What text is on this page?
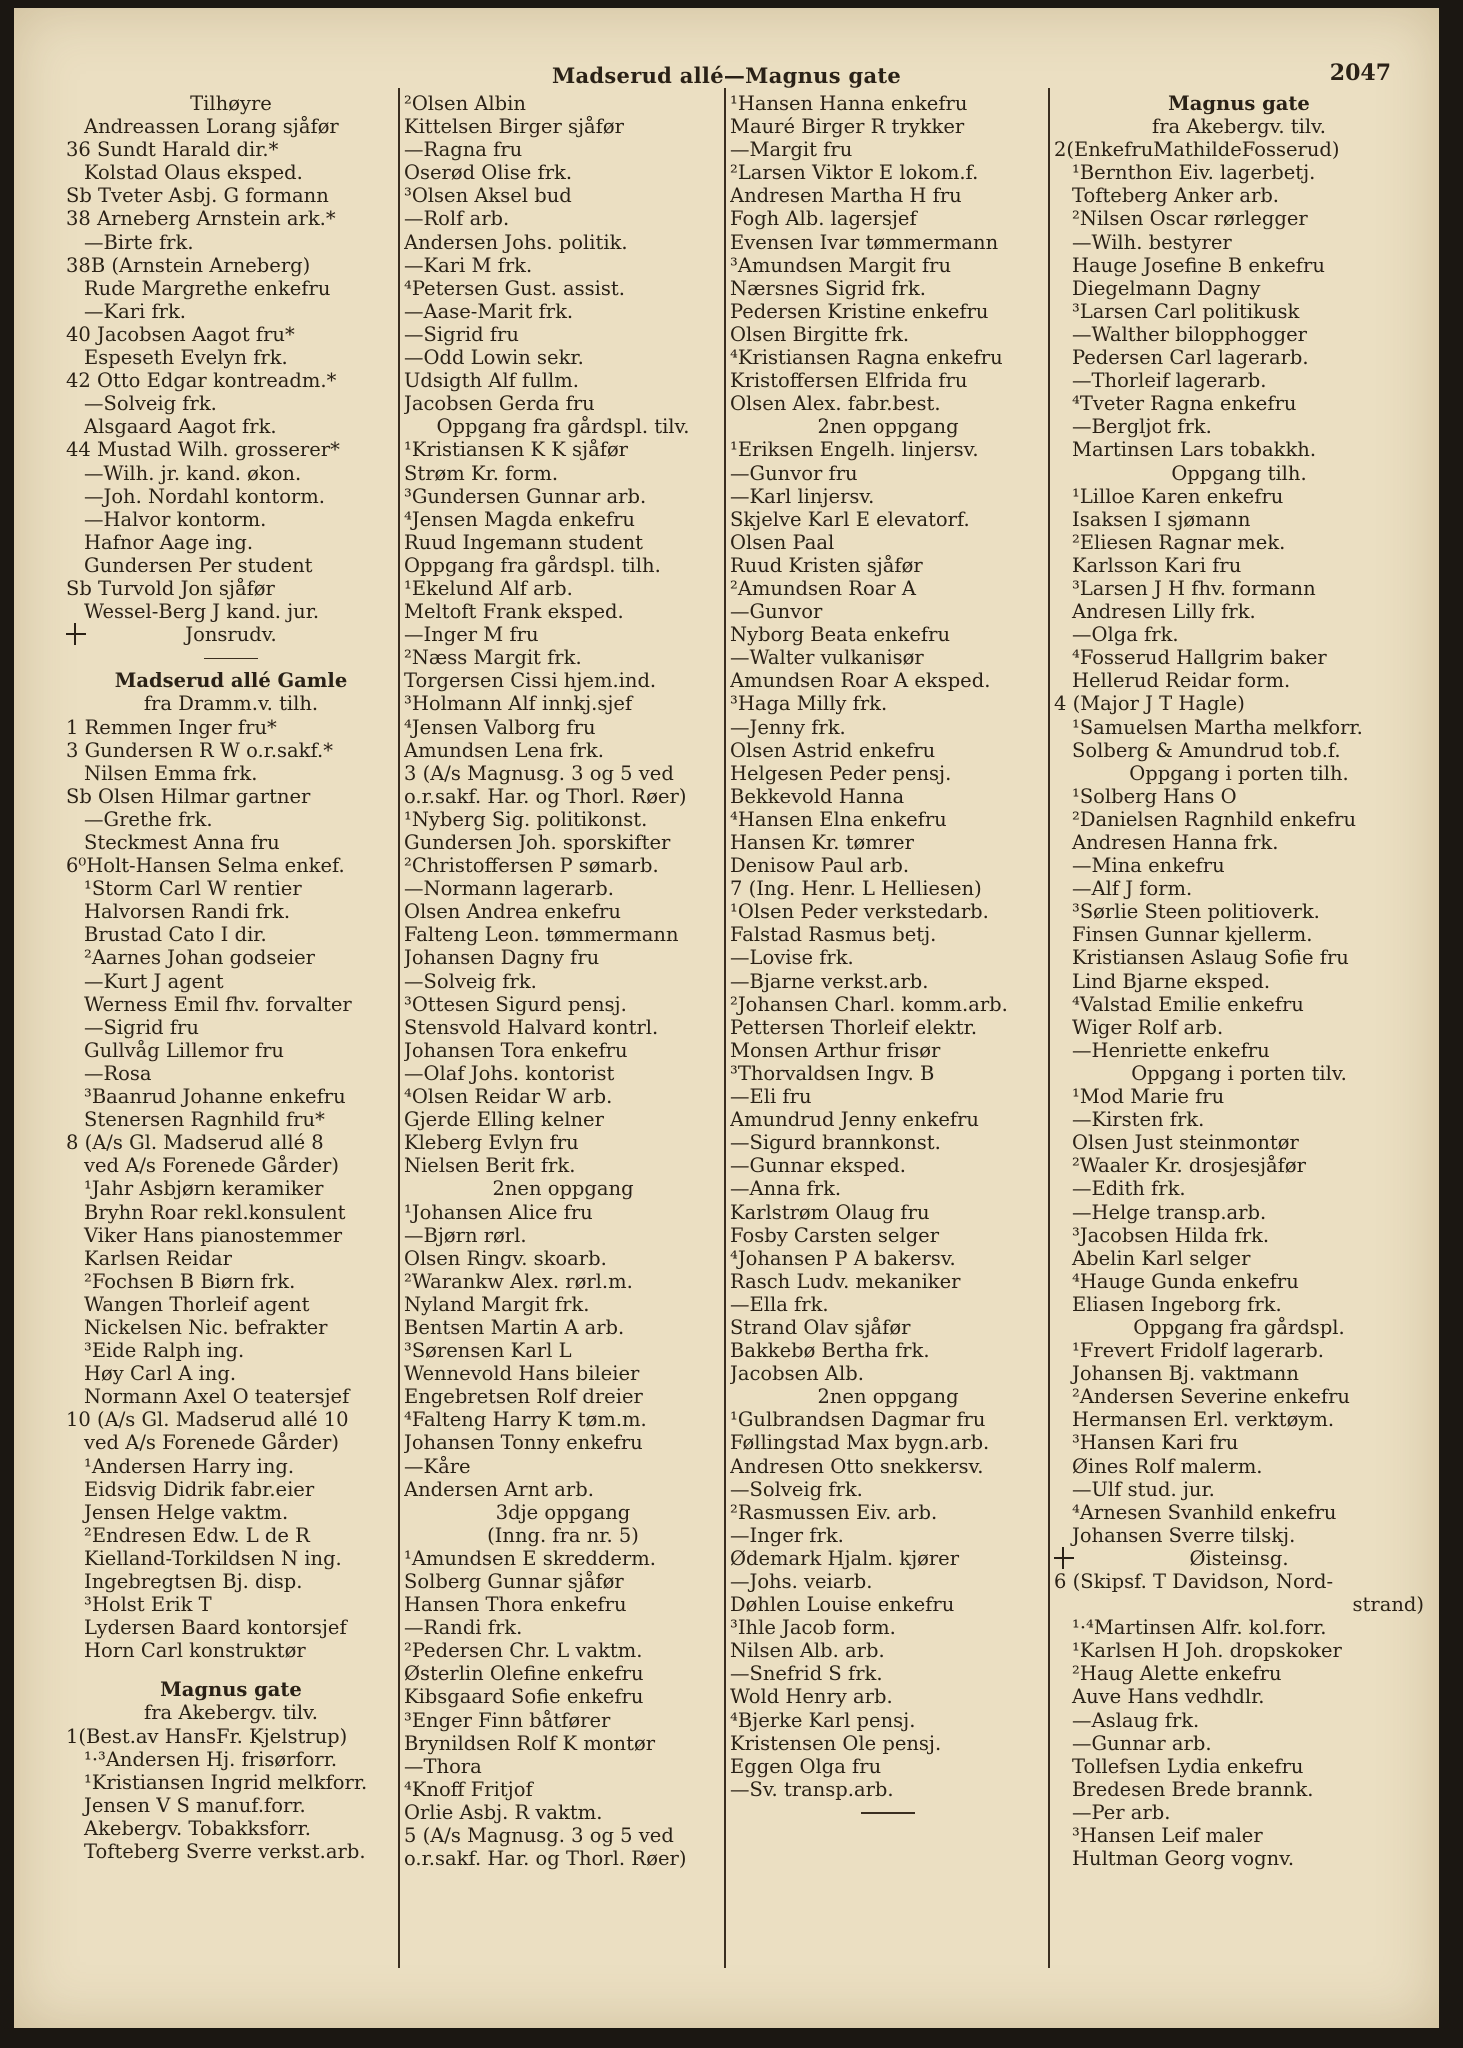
Madserud allé—Magnus gate	2047
Tilhøyre
Andreassen Lorang sjåfør
36 Sundt Harald dir.*
Kolstad Olaus eksped.
Sb Tveter Asbj. G formann
38 Arneberg Arnstein ark.*
—Birte frk.
38B (Arnstein Arneberg)
Rude Margrethe enkefru
—Kari frk.
40 Jacobsen Aagot fru*
Espeseth Evelyn frk.
42 Otto Edgar kontreadm.*
—Solveig frk.
Alsgaard Aagot frk.
44 Mustad Wilh. grosserer*
—Wilh. jr. kand. økon.
—Joh. Nordahl kontorm.
—Halvor kontorm.
Hafnor Aage ing.
Gundersen Per student
Sb Turvold Jon sjåfør
Wessel-Berg J kand. jur.
Jonsrudv.
Madserud allé Gamle
fra Dramm.v. tilh.
1 Remmen Inger fru*
3 Gundersen R W o.r.sakf.*
Nilsen Emma frk.
Sb Olsen Hilmar gartner
—Grethe frk.
Steckmest Anna fru
6⁰Holt-Hansen Selma enkef.
¹Storm Carl W rentier
Halvorsen Randi frk.
Brustad Cato I dir.
²Aarnes Johan godseier
—Kurt J agent
Werness Emil fhv. forvalter
—Sigrid fru
Gullvåg Lillemor fru
—Rosa
³Baanrud Johanne enkefru
Stenersen Ragnhild fru*
8 (A/s Gl. Madserud allé 8
ved A/s Forenede Gårder)
¹Jahr Asbjørn keramiker
Bryhn Roar rekl.konsulent
Viker Hans pianostemmer
Karlsen Reidar
²Fochsen B Biørn frk.
Wangen Thorleif agent
Nickelsen Nic. befrakter
³Eide Ralph ing.
Høy Carl A ing.
Normann Axel O teatersjef
10 (A/s Gl. Madserud allé 10
ved A/s Forenede Gårder)
¹Andersen Harry ing.
Eidsvig Didrik fabr.eier
Jensen Helge vaktm.
²Endresen Edw. L de R
Kielland-Torkildsen N ing.
Ingebregtsen Bj. disp.
³Holst Erik T
Lydersen Baard kontorsjef
Horn Carl konstruktør
Magnus gate
fra Akebergv. tilv.
1(Best.av HansFr. Kjelstrup)
¹·³Andersen Hj. frisørforr.
¹Kristiansen Ingrid melkforr.
Jensen V S manuf.forr.
Akebergv. Tobakksforr.
Tofteberg Sverre verkst.arb.
²Olsen Albin
Kittelsen Birger sjåfør
—Ragna fru
Oserød Olise frk.
³Olsen Aksel bud
—Rolf arb.
Andersen Johs. politik.
—Kari M frk.
⁴Petersen Gust. assist.
—Aase-Marit frk.
—Sigrid fru
—Odd Lowin sekr.
Udsigth Alf fullm.
Jacobsen Gerda fru
Oppgang fra gårdspl. tilv.
¹Kristiansen K K sjåfør
Strøm Kr. form.
³Gundersen Gunnar arb.
⁴Jensen Magda enkefru
Ruud Ingemann student
Oppgang fra gårdspl. tilh.
¹Ekelund Alf arb.
Meltoft Frank eksped.
—Inger M fru
²Næss Margit frk.
Torgersen Cissi hjem.ind.
³Holmann Alf innkj.sjef
⁴Jensen Valborg fru
Amundsen Lena frk.
3 (A/s Magnusg. 3 og 5 ved
o.r.sakf. Har. og Thorl. Røer)
¹Nyberg Sig. politikonst.
Gundersen Joh. sporskifter
²Christoffersen P sømarb.
—Normann lagerarb.
Olsen Andrea enkefru
Falteng Leon. tømmermann
Johansen Dagny fru
—Solveig frk.
³Ottesen Sigurd pensj.
Stensvold Halvard kontrl.
Johansen Tora enkefru
—Olaf Johs. kontorist
⁴Olsen Reidar W arb.
Gjerde Elling kelner
Kleberg Evlyn fru
Nielsen Berit frk.
2nen oppgang
¹Johansen Alice fru
—Bjørn rørl.
Olsen Ringv. skoarb.
²Warankw Alex. rørl.m.
Nyland Margit frk.
Bentsen Martin A arb.
³Sørensen Karl L
Wennevold Hans bileier
Engebretsen Rolf dreier
⁴Falteng Harry K tøm.m.
Johansen Tonny enkefru
—Kåre
Andersen Arnt arb.
3dje oppgang
(Inng. fra nr. 5)
¹Amundsen E skredderm.
Solberg Gunnar sjåfør
Hansen Thora enkefru
—Randi frk.
²Pedersen Chr. L vaktm.
Østerlin Olefine enkefru
Kibsgaard Sofie enkefru
³Enger Finn båtfører
Brynildsen Rolf K montør
—Thora
⁴Knoff Fritjof
Orlie Asbj. R vaktm.
5 (A/s Magnusg. 3 og 5 ved
o.r.sakf. Har. og Thorl. Røer)
¹Hansen Hanna enkefru
Mauré Birger R trykker
—Margit fru
²Larsen Viktor E lokom.f.
Andresen Martha H fru
Fogh Alb. lagersjef
Evensen Ivar tømmermann
³Amundsen Margit fru
Nærsnes Sigrid frk.
Pedersen Kristine enkefru
Olsen Birgitte frk.
⁴Kristiansen Ragna enkefru
Kristoffersen Elfrida fru
Olsen Alex. fabr.best.
2nen oppgang
¹Eriksen Engelh. linjersv.
—Gunvor fru
—Karl linjersv.
Skjelve Karl E elevatorf.
Olsen Paal
Ruud Kristen sjåfør
²Amundsen Roar A
—Gunvor
Nyborg Beata enkefru
—Walter vulkanisør
Amundsen Roar A eksped.
³Haga Milly frk.
—Jenny frk.
Olsen Astrid enkefru
Helgesen Peder pensj.
Bekkevold Hanna
⁴Hansen Elna enkefru
Hansen Kr. tømrer
Denisow Paul arb.
7 (Ing. Henr. L Helliesen)
¹Olsen Peder verkstedarb.
Falstad Rasmus betj.
—Lovise frk.
—Bjarne verkst.arb.
²Johansen Charl. komm.arb.
Pettersen Thorleif elektr.
Monsen Arthur frisør
³Thorvaldsen Ingv. B
—Eli fru
Amundrud Jenny enkefru
—Sigurd brannkonst.
—Gunnar eksped.
—Anna frk.
Karlstrøm Olaug fru
Fosby Carsten selger
⁴Johansen P A bakersv.
Rasch Ludv. mekaniker
—Ella frk.
Strand Olav sjåfør
Bakkebø Bertha frk.
Jacobsen Alb.
2nen oppgang
¹Gulbrandsen Dagmar fru
Føllingstad Max bygn.arb.
Andresen Otto snekkersv.
—Solveig frk.
²Rasmussen Eiv. arb.
—Inger frk.
Ødemark Hjalm. kjører
—Johs. veiarb.
Døhlen Louise enkefru
³Ihle Jacob form.
Nilsen Alb. arb.
—Snefrid S frk.
Wold Henry arb.
⁴Bjerke Karl pensj.
Kristensen Ole pensj.
Eggen Olga fru
—Sv. transp.arb.
Magnus gate
fra Akebergv. tilv.
2(EnkefruMathildeFosserud)
¹Bernthon Eiv. lagerbetj.
Tofteberg Anker arb.
²Nilsen Oscar rørlegger
—Wilh. bestyrer
Hauge Josefine B enkefru
Diegelmann Dagny
³Larsen Carl politikusk
—Walther bilopphogger
Pedersen Carl lagerarb.
—Thorleif lagerarb.
⁴Tveter Ragna enkefru
—Bergljot frk.
Martinsen Lars tobakkh.
Oppgang tilh.
¹Lilloe Karen enkefru
Isaksen I sjømann
²Eliesen Ragnar mek.
Karlsson Kari fru
³Larsen J H fhv. formann
Andresen Lilly frk.
—Olga frk.
⁴Fosserud Hallgrim baker
Hellerud Reidar form.
4 (Major J T Hagle)
¹Samuelsen Martha melkforr.
Solberg & Amundrud tob.f.
Oppgang i porten tilh.
¹Solberg Hans O
²Danielsen Ragnhild enkefru
Andresen Hanna frk.
—Mina enkefru
—Alf J form.
³Sørlie Steen politioverk.
Finsen Gunnar kjellerm.
Kristiansen Aslaug Sofie fru
Lind Bjarne eksped.
⁴Valstad Emilie enkefru
Wiger Rolf arb.
—Henriette enkefru
Oppgang i porten tilv.
¹Mod Marie fru
—Kirsten frk.
Olsen Just steinmontør
²Waaler Kr. drosjesjåfør
—Edith frk.
—Helge transp.arb.
³Jacobsen Hilda frk.
Abelin Karl selger
⁴Hauge Gunda enkefru
Eliasen Ingeborg frk.
Oppgang fra gårdspl.
¹Frevert Fridolf lagerarb.
Johansen Bj. vaktmann
²Andersen Severine enkefru
Hermansen Erl. verktøym.
³Hansen Kari fru
Øines Rolf malerm.
—Ulf stud. jur.
⁴Arnesen Svanhild enkefru
Johansen Sverre tilskj.
Øisteinsg.
6 (Skipsf. T Davidson, Nord-
strand)
¹·⁴Martinsen Alfr. kol.forr.
¹Karlsen H Joh. dropskoker
²Haug Alette enkefru
Auve Hans vedhdlr.
—Aslaug frk.
—Gunnar arb.
Tollefsen Lydia enkefru
Bredesen Brede brannk.
—Per arb.
³Hansen Leif maler
Hultman Georg vognv.
